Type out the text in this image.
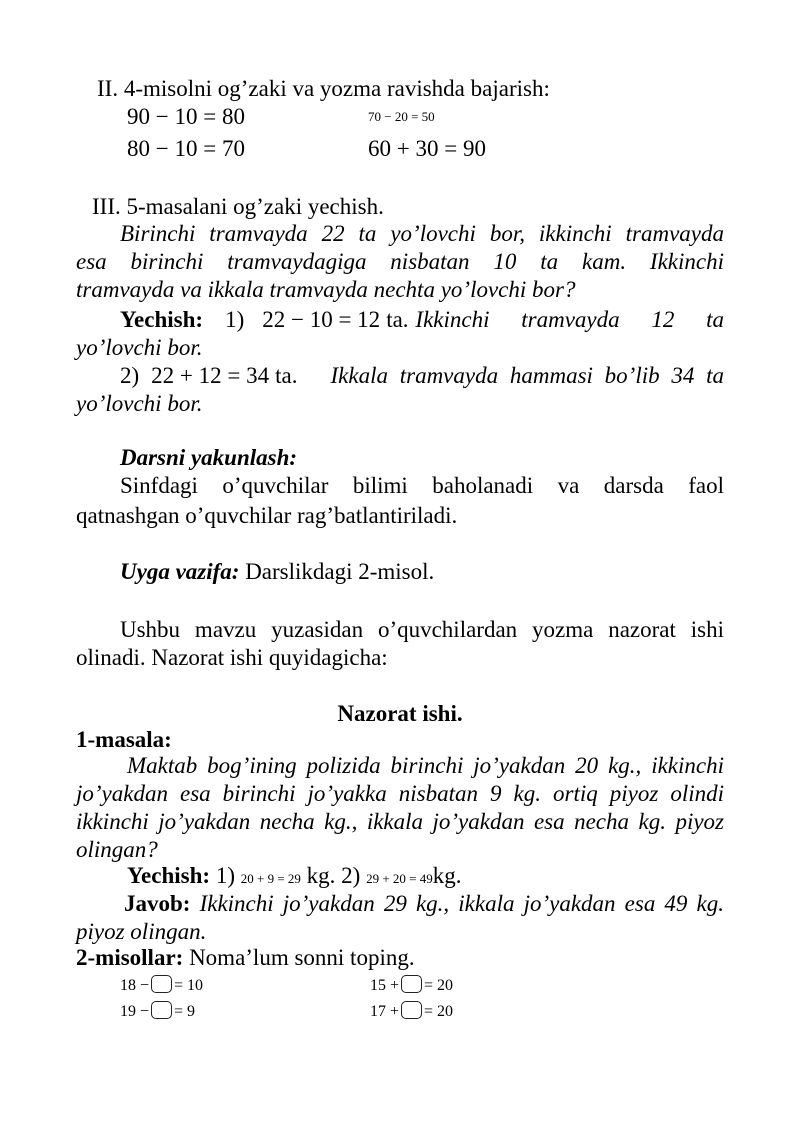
II. 4-misolni og’zaki va yozma ravishda bajarish:
90 − 10 = 80	70 − 20 = 50
80 − 10 = 70	60 + 30 = 90
III. 5-masalani og’zaki yechish.
Birinchi tramvayda 22 ta yo’lovchi bor, ikkinchi tramvayda
esa birinchi tramvaydagiga nisbatan 10 ta kam. Ikkinchi
tramvayda va ikkala tramvayda nechta yo’lovchi bor?
Yechish: 1) 22 − 10 = 12 ta. Ikkinchi tramvayda 12 ta
yo’lovchi bor.
2) 22 + 12 = 34 ta. Ikkala tramvayda hammasi bo’lib 34 ta
yo’lovchi bor.
Darsni yakunlash:
Sinfdagi o’quvchilar bilimi baholanadi va darsda faol
qatnashgan o’quvchilar rag’batlantiriladi.
Uyga vazifa: Darslikdagi 2-misol.
Ushbu mavzu yuzasidan o’quvchilardan yozma nazorat ishi
olinadi. Nazorat ishi quyidagicha:
Nazorat ishi.
1-masala:
Maktab bog’ining polizida birinchi jo’yakdan 20 kg., ikkinchi
jo’yakdan esa birinchi jo’yakka nisbatan 9 kg. ortiq piyoz olindi
ikkinchi jo’yakdan necha kg., ikkala jo’yakdan esa necha kg. piyoz
olingan?
Yechish: 1) 20 + 9 = 29 kg. 2) 29 + 20 = 49kg.
Javob: Ikkinchi jo’yakdan 29 kg., ikkala jo’yakdan esa 49 kg.
piyoz olingan.
2-misollar: Noma’lum sonni toping.
18 − = 10	15 + = 20
19 − = 9	17 + = 20
